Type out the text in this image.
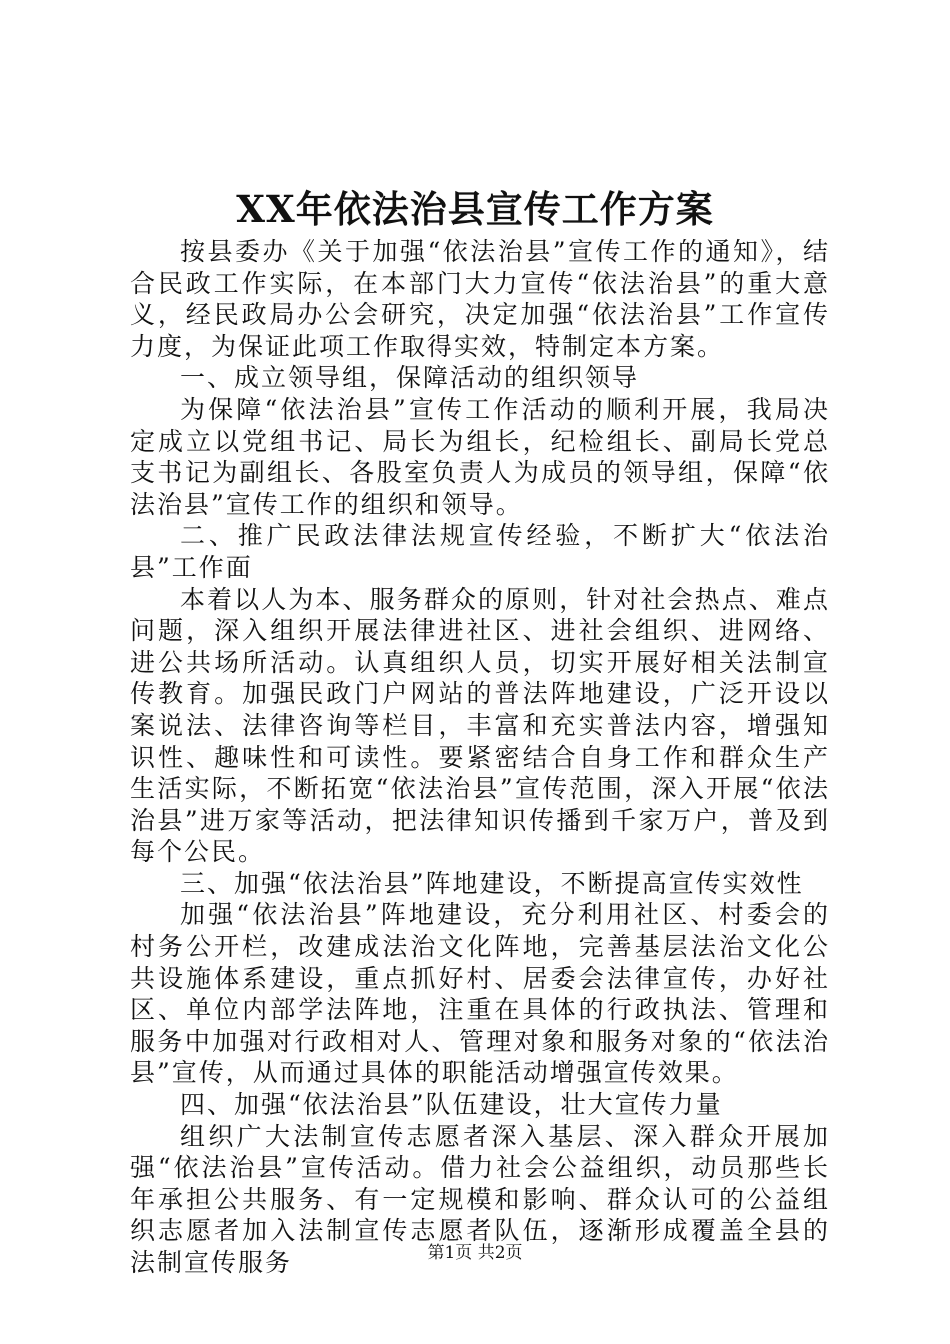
XX年依法治县宣传工作方案

按县委办《关于加强“依法治县”宣传工作的通知》，结合民政工作实际，在本部门大力宣传“依法治县”的重大意义，经民政局办公会研究，决定加强“依法治县”工作宣传力度，为保证此项工作取得实效，特制定本方案。

一、成立领导组，保障活动的组织领导

为保障“依法治县”宣传工作活动的顺利开展，我局决定成立以党组书记、局长为组长，纪检组长、副局长党总支书记为副组长、各股室负责人为成员的领导组，保障“依法治县”宣传工作的组织和领导。

二、推广民政法律法规宣传经验，不断扩大“依法治县”工作面

本着以人为本、服务群众的原则，针对社会热点、难点问题，深入组织开展法律进社区、进社会组织、进网络、进公共场所活动。认真组织人员，切实开展好相关法制宣传教育。加强民政门户网站的普法阵地建设，广泛开设以案说法、法律咨询等栏目，丰富和充实普法内容，增强知识性、趣味性和可读性。要紧密结合自身工作和群众生产生活实际，不断拓宽“依法治县”宣传范围，深入开展“依法治县”进万家等活动，把法律知识传播到千家万户，普及到每个公民。

三、加强“依法治县”阵地建设，不断提高宣传实效性

加强“依法治县”阵地建设，充分利用社区、村委会的村务公开栏，改建成法治文化阵地，完善基层法治文化公共设施体系建设，重点抓好村、居委会法律宣传，办好社区、单位内部学法阵地，注重在具体的行政执法、管理和服务中加强对行政相对人、管理对象和服务对象的“依法治县”宣传，从而通过具体的职能活动增强宣传效果。

四、加强“依法治县”队伍建设，壮大宣传力量

组织广大法制宣传志愿者深入基层、深入群众开展加强“依法治县”宣传活动。借力社会公益组织，动员那些长年承担公共服务、有一定规模和影响、群众认可的公益组织志愿者加入法制宣传志愿者队伍，逐渐形成覆盖全县的法制宣传服务	第1页 共2页
